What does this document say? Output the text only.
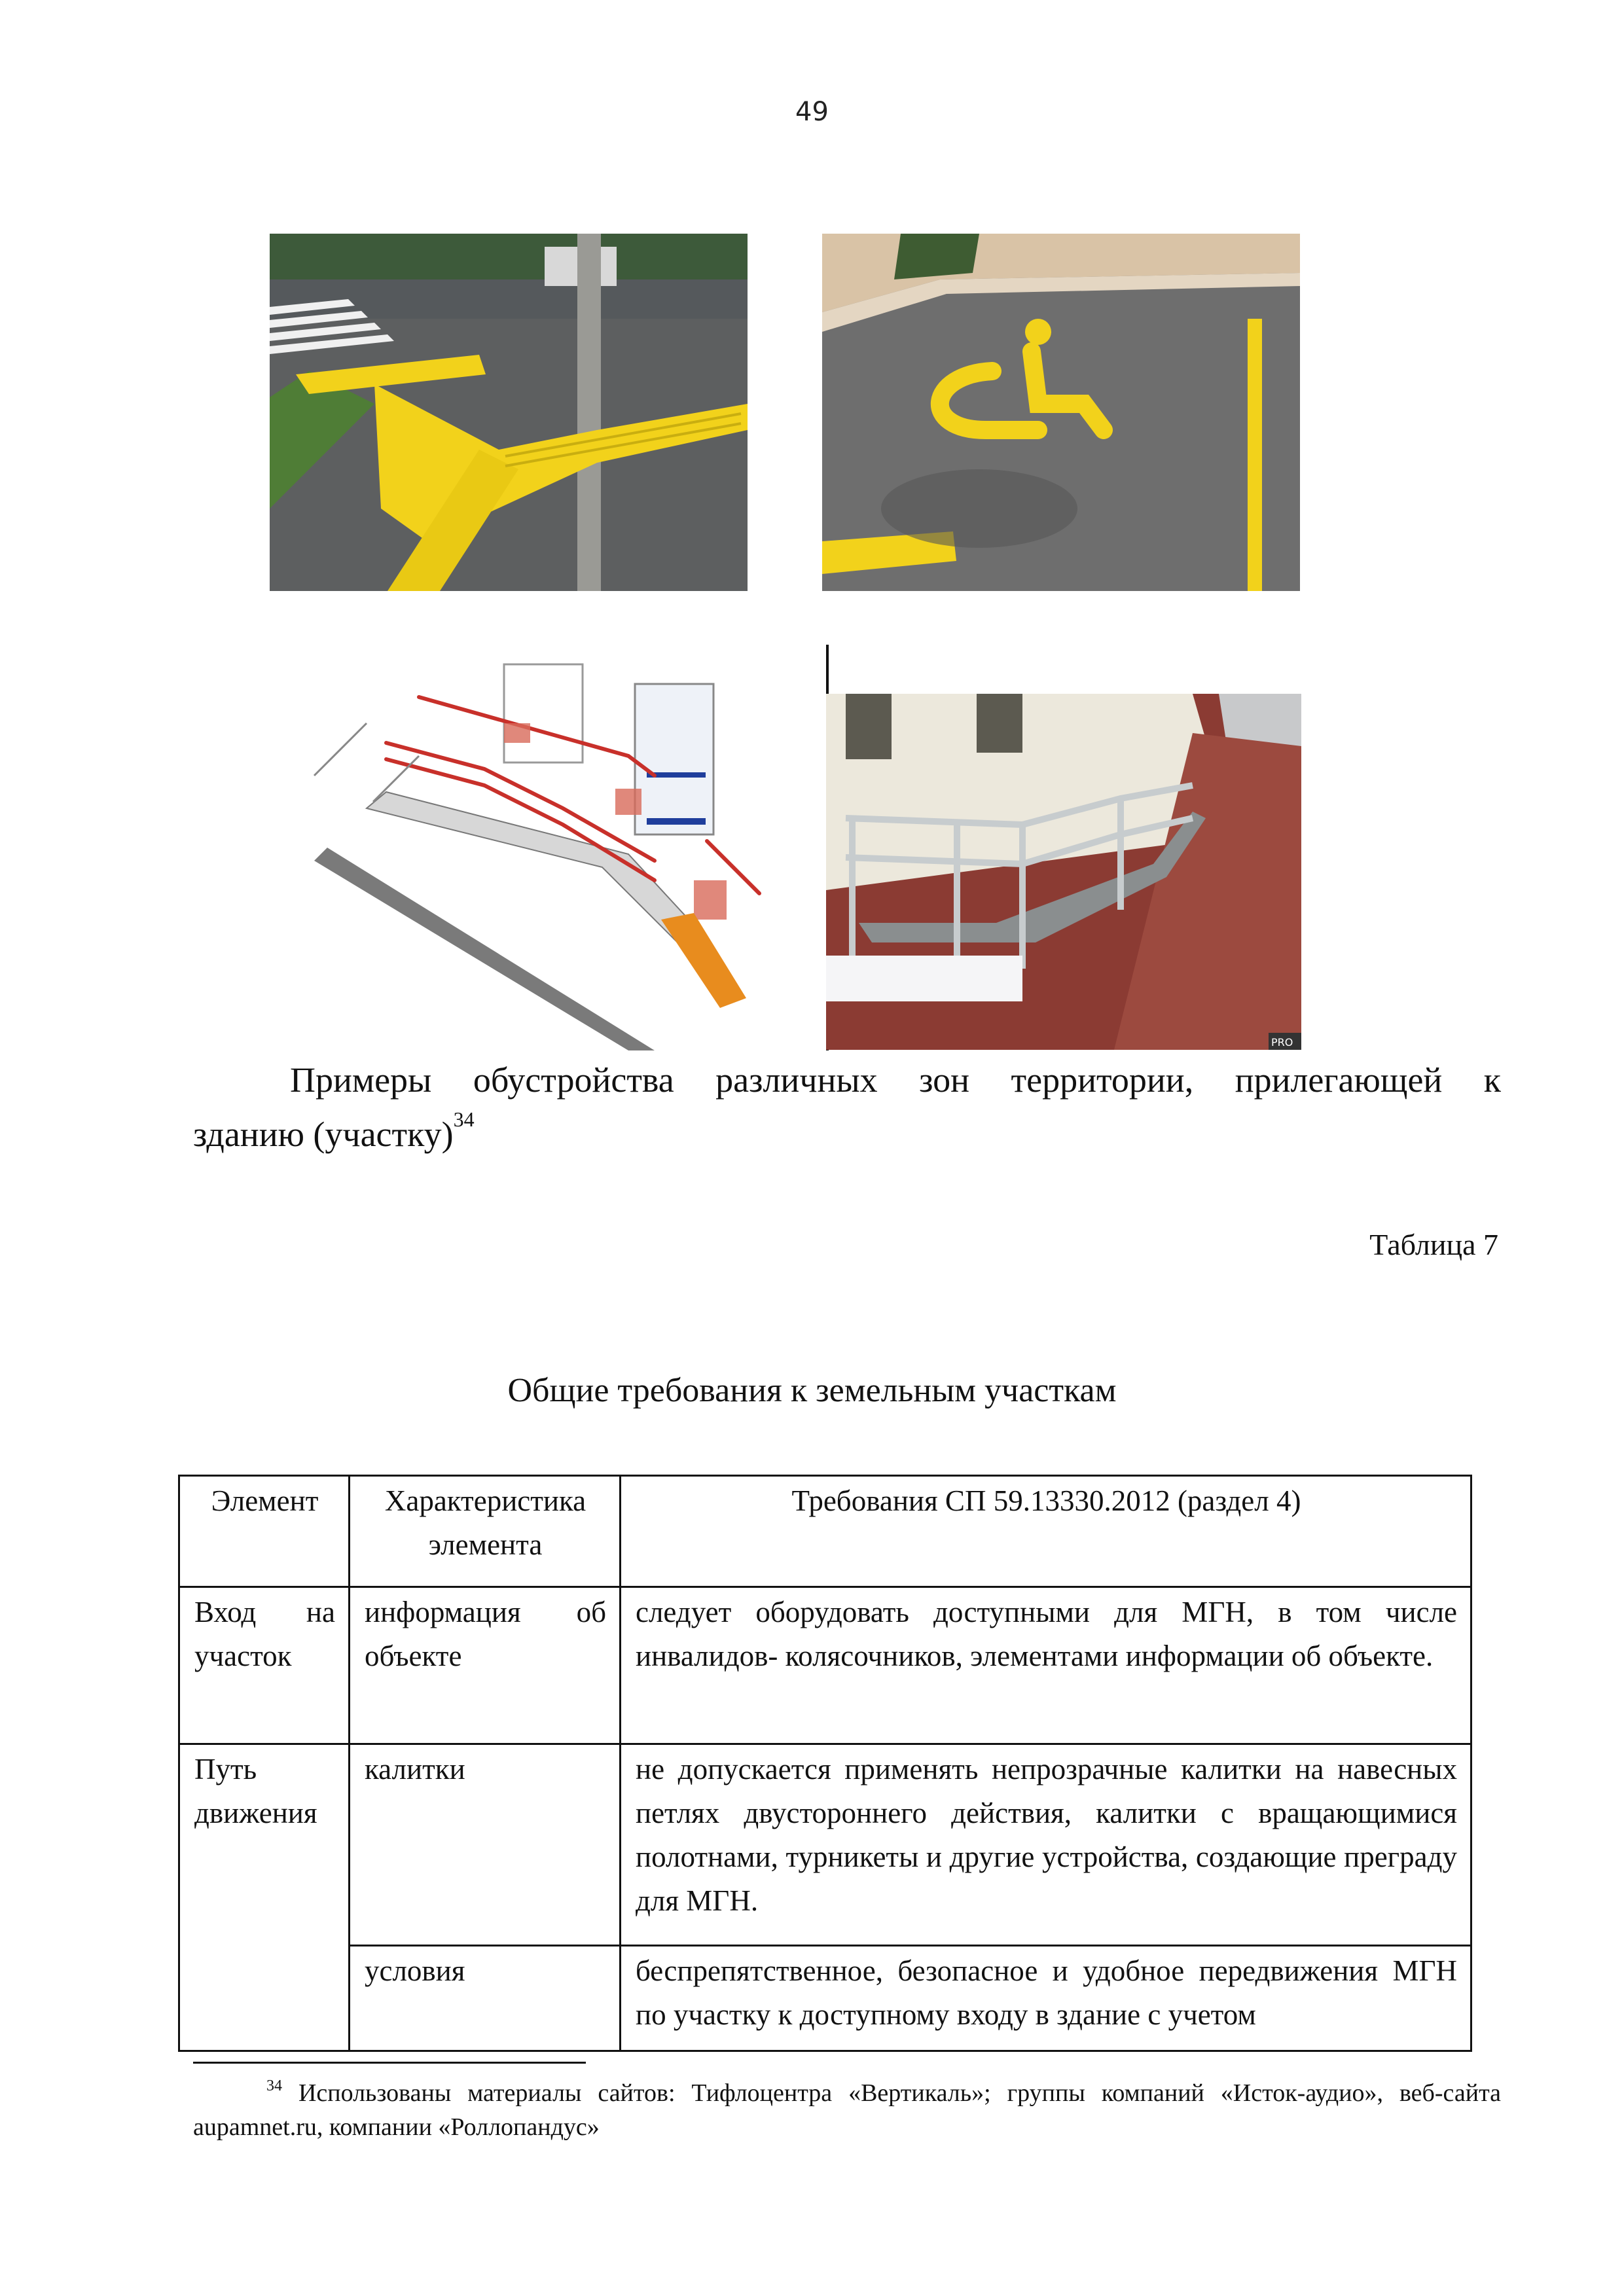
49
PRO
Примеры обустройства различных зон территории, прилегающей к
зданию (участку)$^{34}$
Таблица 7
Общие требования к земельным участкам
Элемент	Характеристика элемента	Требования СП 59.13330.2012 (раздел 4)
Вход на участок	информация об объекте	следует оборудовать доступными для МГН, в том числе инвалидов- колясочников, элементами информации об объекте.
Путь движения	калитки	не допускается применять непрозрачные калитки на навесных петлях двустороннего действия, калитки с вращающимися полотнами, турникеты и другие устройства, создающие преграду для МГН.
	условия	беспрепятственное, безопасное и удобное передвижения МГН по участку к доступному входу в здание с учетом
$^{34}$ Использованы материалы сайтов: Тифлоцентра «Вертикаль»; группы компаний «Исток-аудио», веб-сайта aupamnet.ru, компании «Роллопандус»
